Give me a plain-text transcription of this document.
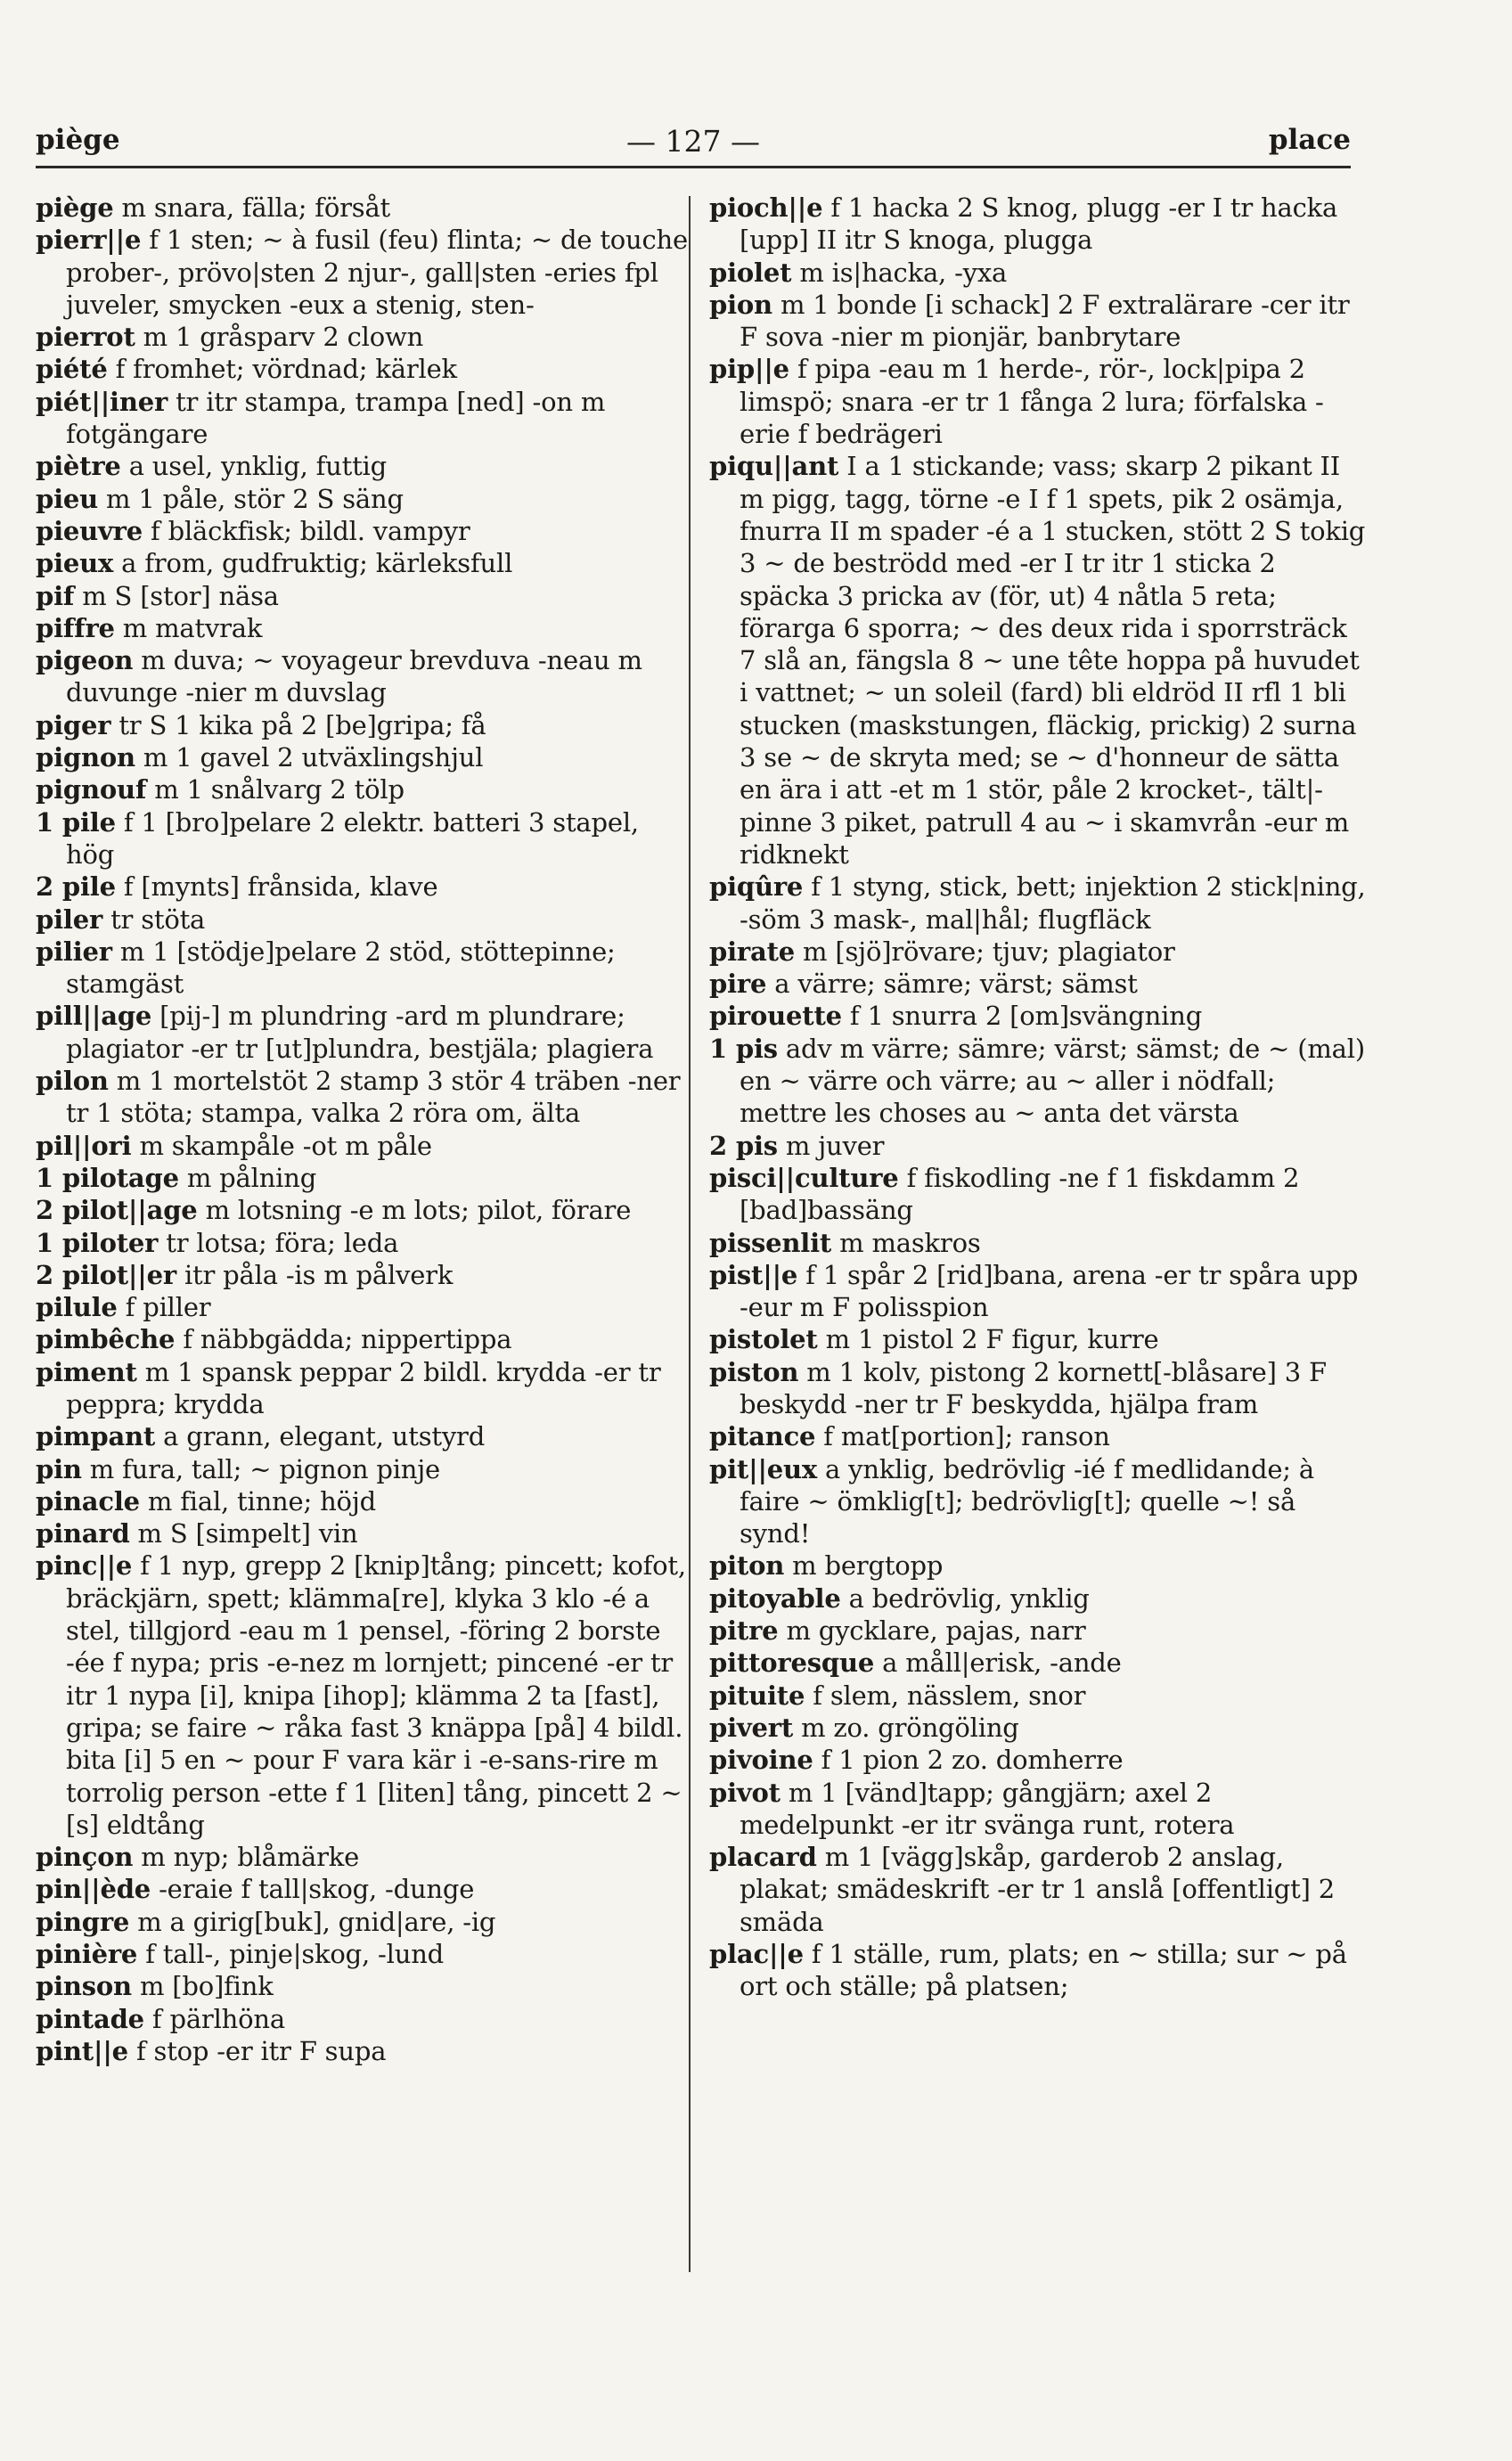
piège	— 127 —	place

piège m snara, fälla; försåt

pierr||e f 1 sten; ~ à fusil (feu) flinta; ~ de touche prober-, prövo|sten 2 njur-, gall|sten -eries fpl juveler, smycken -eux a stenig, sten-

pierrot m 1 gråsparv 2 clown

piété f fromhet; vördnad; kärlek

piét||iner tr itr stampa, trampa [ned] -on m fotgängare

piètre a usel, ynklig, futtig

pieu m 1 påle, stör 2 S säng

pieuvre f bläckfisk; bildl. vampyr

pieux a from, gudfruktig; kärleksfull

pif m S [stor] näsa

piffre m matvrak

pigeon m duva; ~ voyageur brevduva -neau m duvunge -nier m duvslag

piger tr S 1 kika på 2 [be]gripa; få

pignon m 1 gavel 2 utväxlingshjul

pignouf m 1 snålvarg 2 tölp

1 pile f 1 [bro]pelare 2 elektr. batteri 3 stapel, hög

2 pile f [mynts] frånsida, klave

piler tr stöta

pilier m 1 [stödje]pelare 2 stöd, stöttepinne; stamgäst

pill||age [pij-] m plundring -ard m plundrare; plagiator -er tr [ut]plundra, bestjäla; plagiera

pilon m 1 mortelstöt 2 stamp 3 stör 4 träben -ner tr 1 stöta; stampa, valka 2 röra om, älta

pil||ori m skampåle -ot m påle

1 pilotage m pålning

2 pilot||age m lotsning -e m lots; pilot, förare

1 piloter tr lotsa; föra; leda

2 pilot||er itr påla -is m pålverk

pilule f piller

pimbêche f näbbgädda; nippertippa

piment m 1 spansk peppar 2 bildl. krydda -er tr peppra; krydda

pimpant a grann, elegant, utstyrd

pin m fura, tall; ~ pignon pinje

pinacle m fial, tinne; höjd

pinard m S [simpelt] vin

pinc||e f 1 nyp, grepp 2 [knip]tång; pincett; kofot, bräckjärn, spett; klämma[re], klyka 3 klo -é a stel, tillgjord -eau m 1 pensel, -föring 2 borste -ée f nypa; pris -e-nez m lornjett; pincené -er tr itr 1 nypa [i], knipa [ihop]; klämma 2 ta [fast], gripa; se faire ~ råka fast 3 knäppa [på] 4 bildl. bita [i] 5 en ~ pour F vara kär i -e-sans-rire m torrolig person -ette f 1 [liten] tång, pincett 2 ~[s] eldtång

pinçon m nyp; blåmärke

pin||ède -eraie f tall|skog, -dunge

pingre m a girig[buk], gnid|are, -ig

pinière f tall-, pinje|skog, -lund

pinson m [bo]fink

pintade f pärlhöna

pint||e f stop -er itr F supa

pioch||e f 1 hacka 2 S knog, plugg -er I tr hacka [upp] II itr S knoga, plugga

piolet m is|hacka, -yxa

pion m 1 bonde [i schack] 2 F extralärare -cer itr F sova -nier m pionjär, banbrytare

pip||e f pipa -eau m 1 herde-, rör-, lock|pipa 2 limspö; snara -er tr 1 fånga 2 lura; förfalska -erie f bedrägeri

piqu||ant I a 1 stickande; vass; skarp 2 pikant II m pigg, tagg, törne -e I f 1 spets, pik 2 osämja, fnurra II m spader -é a 1 stucken, stött 2 S tokig 3 ~ de beströdd med -er I tr itr 1 sticka 2 späcka 3 pricka av (för, ut) 4 nåtla 5 reta; förarga 6 sporra; ~ des deux rida i sporrsträck 7 slå an, fängsla 8 ~ une tête hoppa på huvudet i vattnet; ~ un soleil (fard) bli eldröd II rfl 1 bli stucken (maskstungen, fläckig, prickig) 2 surna 3 se ~ de skryta med; se ~ d'honneur de sätta en ära i att -et m 1 stör, påle 2 krocket-, tält|-pinne 3 piket, patrull 4 au ~ i skamvrån -eur m ridknekt

piqûre f 1 styng, stick, bett; injektion 2 stick|ning, -söm 3 mask-, mal|hål; flugfläck

pirate m [sjö]rövare; tjuv; plagiator

pire a värre; sämre; värst; sämst

pirouette f 1 snurra 2 [om]svängning

1 pis adv m värre; sämre; värst; sämst; de ~ (mal) en ~ värre och värre; au ~ aller i nödfall; mettre les choses au ~ anta det värsta

2 pis m juver

pisci||culture f fiskodling -ne f 1 fiskdamm 2 [bad]bassäng

pissenlit m maskros

pist||e f 1 spår 2 [rid]bana, arena -er tr spåra upp -eur m F polisspion

pistolet m 1 pistol 2 F figur, kurre

piston m 1 kolv, pistong 2 kornett[-blåsare] 3 F beskydd -ner tr F beskydda, hjälpa fram

pitance f mat[portion]; ranson

pit||eux a ynklig, bedrövlig -ié f medlidande; à faire ~ ömklig[t]; bedrövlig[t]; quelle ~! så synd!

piton m bergtopp

pitoyable a bedrövlig, ynklig

pitre m gycklare, pajas, narr

pittoresque a måll|erisk, -ande

pituite f slem, nässlem, snor

pivert m zo. gröngöling

pivoine f 1 pion 2 zo. domherre

pivot m 1 [vänd]tapp; gångjärn; axel 2 medelpunkt -er itr svänga runt, rotera

placard m 1 [vägg]skåp, garderob 2 anslag, plakat; smädeskrift -er tr 1 anslå [offentligt] 2 smäda

plac||e f 1 ställe, rum, plats; en ~ stilla; sur ~ på ort och ställe; på platsen;
